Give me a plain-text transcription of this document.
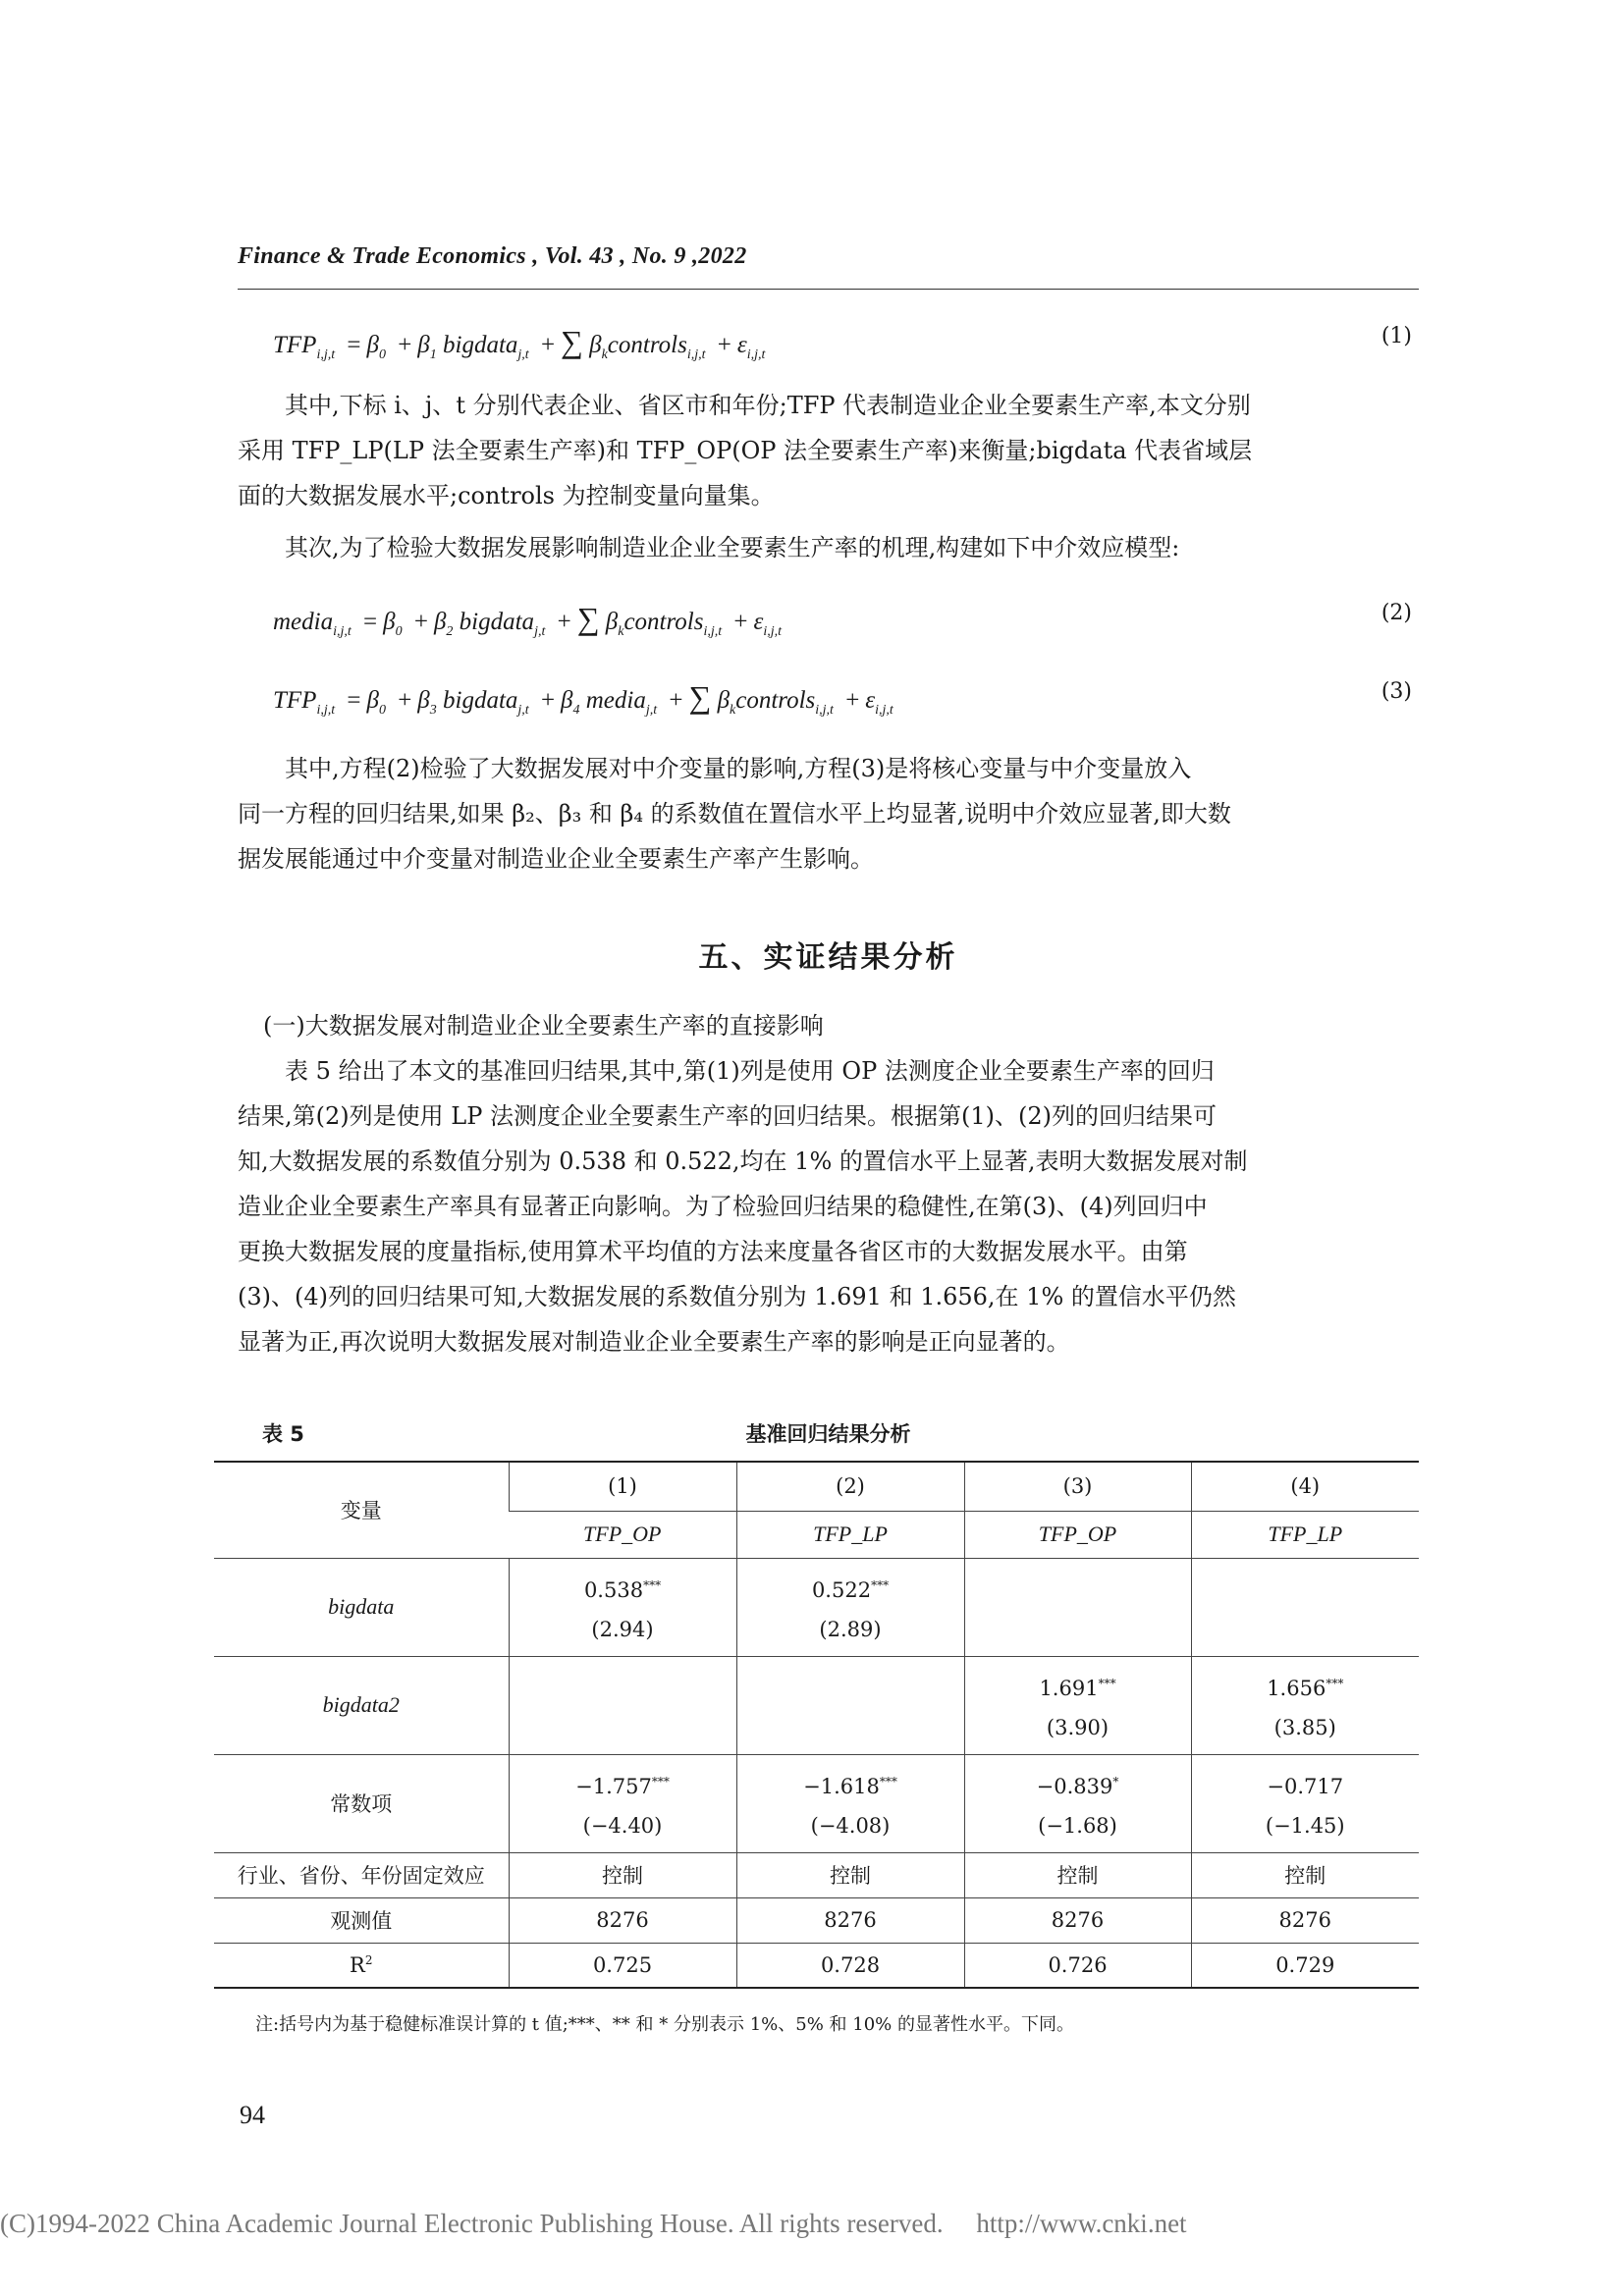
Finance & Trade Economics , Vol. 43 , No. 9 ,2022
$TFP_{i,j,t} = \beta_0 + \beta_1$ bigdata$_{j,t}$ + ∑ $\beta_kcontrols_{i,j,t} + \varepsilon_{i,j,t}$
(1)

其中,下标 i、j、t 分别代表企业、省区市和年份;TFP 代表制造业企业全要素生产率,本文分别

采用 TFP_LP(LP 法全要素生产率)和 TFP_OP(OP 法全要素生产率)来衡量;bigdata 代表省域层
面的大数据发展水平;controls 为控制变量向量集。

其次,为了检验大数据发展影响制造业企业全要素生产率的机理,构建如下中介效应模型:

media$_{i,j,t}$ = $\beta_0 + \beta_2$ bigdata$_{j,t}$ + ∑ $\beta_kcontrols_{i,j,t} + \varepsilon_{i,j,t}$
(2)
$TFP_{i,j,t} = \beta_0 + \beta_3$ bigdata$_{j,t}$ + $\beta_4$ media$_{j,t}$ + ∑ $\beta_kcontrols_{i,j,t} + \varepsilon_{i,j,t}$
(3)

其中,方程(2)检验了大数据发展对中介变量的影响,方程(3)是将核心变量与中介变量放入

同一方程的回归结果,如果 β₂、β₃ 和 β₄ 的系数值在置信水平上均显著,说明中介效应显著,即大数
据发展能通过中介变量对制造业企业全要素生产率产生影响。
五、实证结果分析
(一)大数据发展对制造业企业全要素生产率的直接影响

表 5 给出了本文的基准回归结果,其中,第(1)列是使用 OP 法测度企业全要素生产率的回归

结果,第(2)列是使用 LP 法测度企业全要素生产率的回归结果。根据第(1)、(2)列的回归结果可
知,大数据发展的系数值分别为 0.538 和 0.522,均在 1% 的置信水平上显著,表明大数据发展对制
造业企业全要素生产率具有显著正向影响。为了检验回归结果的稳健性,在第(3)、(4)列回归中
更换大数据发展的度量指标,使用算术平均值的方法来度量各省区市的大数据发展水平。由第
(3)、(4)列的回归结果可知,大数据发展的系数值分别为 1.691 和 1.656,在 1% 的置信水平仍然
显著为正,再次说明大数据发展对制造业企业全要素生产率的影响是正向显著的。
表 5	基准回归结果分析
变量	(1)	(2)	(3)	(4)
	TFP_OP	TFP_LP	TFP_OP	TFP_LP
bigdata	0.538***
(2.94)	0.522***
(2.89)	

bigdata2			1.691***
(3.90)	1.656***
(3.85)
常数项	−1.757***
(−4.40)	−1.618***
(−4.08)	−0.839*
(−1.68)	−0.717
(−1.45)
行业、省份、年份固定效应	控制	控制	控制	控制
观测值	8276	8276	8276	8276
$R^2$	0.725	0.728	0.726	0.729
注:括号内为基于稳健标准误计算的 t 值;***、** 和 * 分别表示 1%、5% 和 10% 的显著性水平。下同。
94
(C)1994-2022 China Academic Journal Electronic Publishing House. All rights reserved. http://www.cnki.net
